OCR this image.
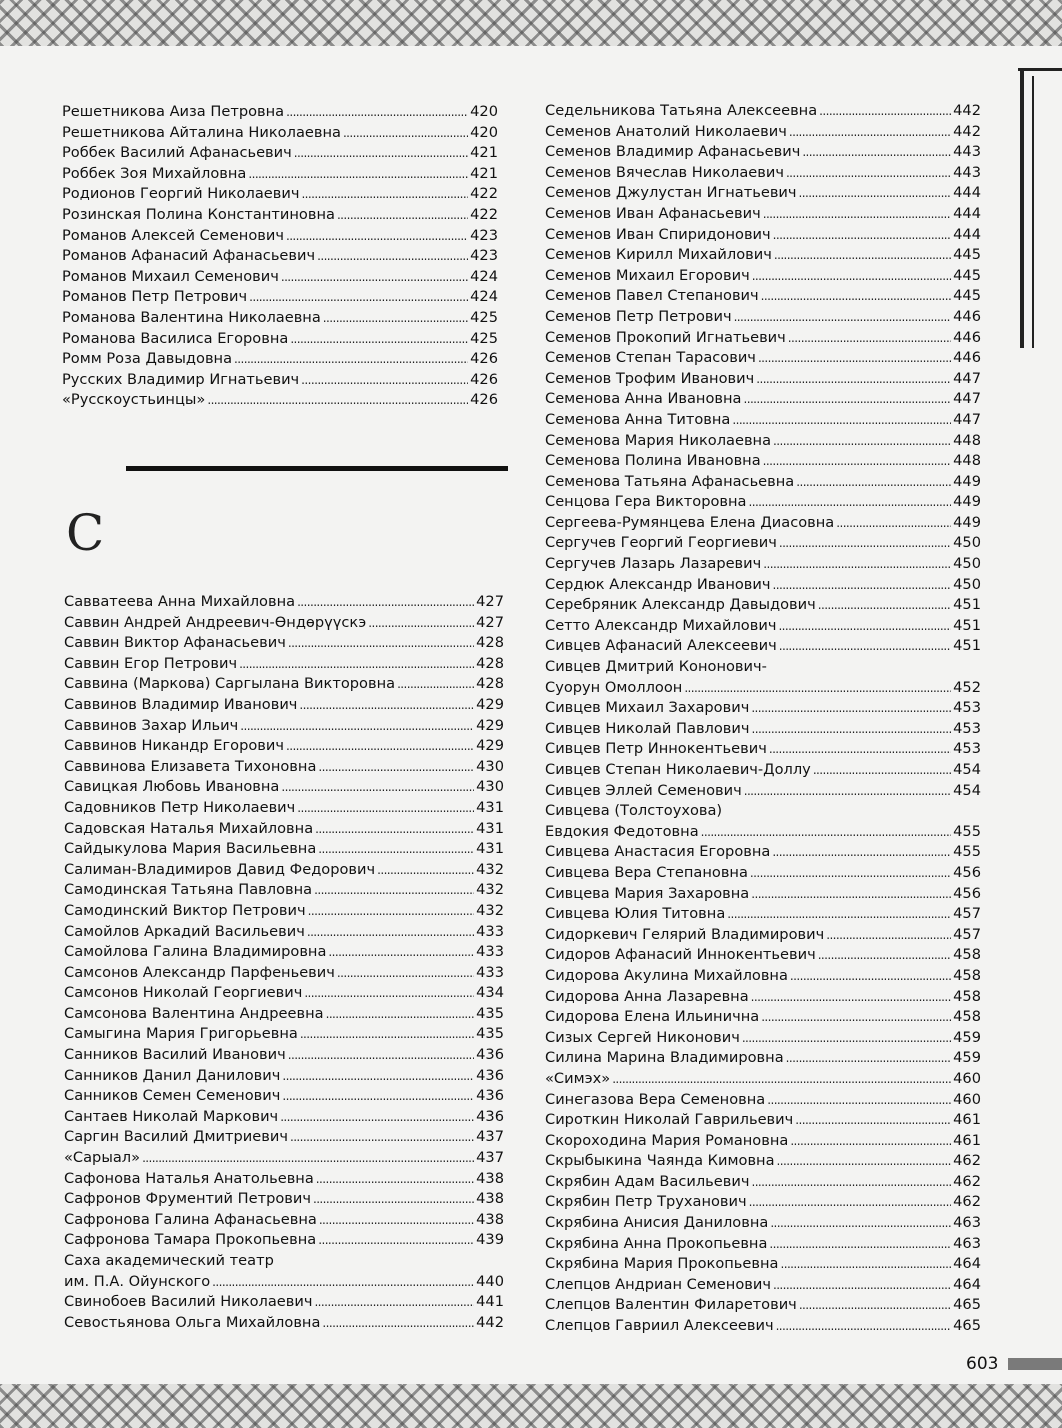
Решетникова Аиза Петровна . . .	420
Решетникова Айталина Николаевна . . .	420
Роббек Василий Афанасьевич . . .	421
Роббек Зоя Михайловна . . .	421
Родионов Георгий Николаевич . . .	422
Розинская Полина Константиновна . . .	422
Романов Алексей Семенович . . .	423
Романов Афанасий Афанасьевич . . .	423
Романов Михаил Семенович . . .	424
Романов Петр Петрович . . .	424
Романова Валентина Николаевна . . .	425
Романова Василиса Егоровна . . .	425
Ромм Роза Давыдовна . . .	426
Русских Владимир Игнатьевич . . .	426
«Русскоустьинцы» . . .	426
С
Савватеева Анна Михайловна . . .	427
Саввин Андрей Андреевич-Өндөрүүскэ . . .	427
Саввин Виктор Афанасьевич . . .	428
Саввин Егор Петрович . . .	428
Саввина (Маркова) Саргылана Викторовна . . .	428
Саввинов Владимир Иванович . . .	429
Саввинов Захар Ильич . . .	429
Саввинов Никандр Егорович . . .	429
Саввинова Елизавета Тихоновна . . .	430
Савицкая Любовь Ивановна . . .	430
Садовников Петр Николаевич . . .	431
Садовская Наталья Михайловна . . .	431
Сайдыкулова Мария Васильевна . . .	431
Салиман-Владимиров Давид Федорович . . .	432
Самодинская Татьяна Павловна . . .	432
Самодинский Виктор Петрович . . .	432
Самойлов Аркадий Васильевич . . .	433
Самойлова Галина Владимировна . . .	433
Самсонов Александр Парфеньевич . . .	433
Самсонов Николай Георгиевич . . .	434
Самсонова Валентина Андреевна . . .	435
Самыгина Мария Григорьевна . . .	435
Санников Василий Иванович . . .	436
Санников Данил Данилович . . .	436
Санников Семен Семенович . . .	436
Сантаев Николай Маркович . . .	436
Саргин Василий Дмитриевич . . .	437
«Сарыал» . . .	437
Сафонова Наталья Анатольевна . . .	438
Сафронов Фрументий Петрович . . .	438
Сафронова Галина Афанасьевна . . .	438
Сафронова Тамара Прокопьевна . . .	439
Саха академический театр
им. П.А. Ойунского . . .	440
Свинобоев Василий Николаевич . . .	441
Севостьянова Ольга Михайловна . . .	442
Седельникова Татьяна Алексеевна . . .	442
Семенов Анатолий Николаевич . . .	442
Семенов Владимир Афанасьевич . . .	443
Семенов Вячеслав Николаевич . . .	443
Семенов Джулустан Игнатьевич . . .	444
Семенов Иван Афанасьевич . . .	444
Семенов Иван Спиридонович . . .	444
Семенов Кирилл Михайлович . . .	445
Семенов Михаил Егорович . . .	445
Семенов Павел Степанович . . .	445
Семенов Петр Петрович . . .	446
Семенов Прокопий Игнатьевич . . .	446
Семенов Степан Тарасович . . .	446
Семенов Трофим Иванович . . .	447
Семенова Анна Ивановна . . .	447
Семенова Анна Титовна . . .	447
Семенова Мария Николаевна . . .	448
Семенова Полина Ивановна . . .	448
Семенова Татьяна Афанасьевна . . .	449
Сенцова Гера Викторовна . . .	449
Сергеева-Румянцева Елена Диасовна . . .	449
Сергучев Георгий Георгиевич . . .	450
Сергучев Лазарь Лазаревич . . .	450
Сердюк Александр Иванович . . .	450
Серебряник Александр Давыдович . . .	451
Сетто Александр Михайлович . . .	451
Сивцев Афанасий Алексеевич . . .	451
Сивцев Дмитрий Кононович-
Суорун Омоллоон . . .	452
Сивцев Михаил Захарович . . .	453
Сивцев Николай Павлович . . .	453
Сивцев Петр Иннокентьевич . . .	453
Сивцев Степан Николаевич-Доллу . . .	454
Сивцев Эллей Семенович . . .	454
Сивцева (Толстоухова)
Евдокия Федотовна . . .	455
Сивцева Анастасия Егоровна . . .	455
Сивцева Вера Степановна . . .	456
Сивцева Мария Захаровна . . .	456
Сивцева Юлия Титовна . . .	457
Сидоркевич Гелярий Владимирович . . .	457
Сидоров Афанасий Иннокентьевич . . .	458
Сидорова Акулина Михайловна . . .	458
Сидорова Анна Лазаревна . . .	458
Сидорова Елена Ильинична . . .	458
Сизых Сергей Никонович . . .	459
Силина Марина Владимировна . . .	459
«Симэх» . . .	460
Синегазова Вера Семеновна . . .	460
Сироткин Николай Гаврильевич . . .	461
Скороходина Мария Романовна . . .	461
Скрыбыкина Чаянда Кимовна . . .	462
Скрябин Адам Васильевич . . .	462
Скрябин Петр Труханович . . .	462
Скрябина Анисия Даниловна . . .	463
Скрябина Анна Прокопьевна . . .	463
Скрябина Мария Прокопьевна . . .	464
Слепцов Андриан Семенович . . .	464
Слепцов Валентин Филаретович . . .	465
Слепцов Гавриил Алексеевич . . .	465
603
